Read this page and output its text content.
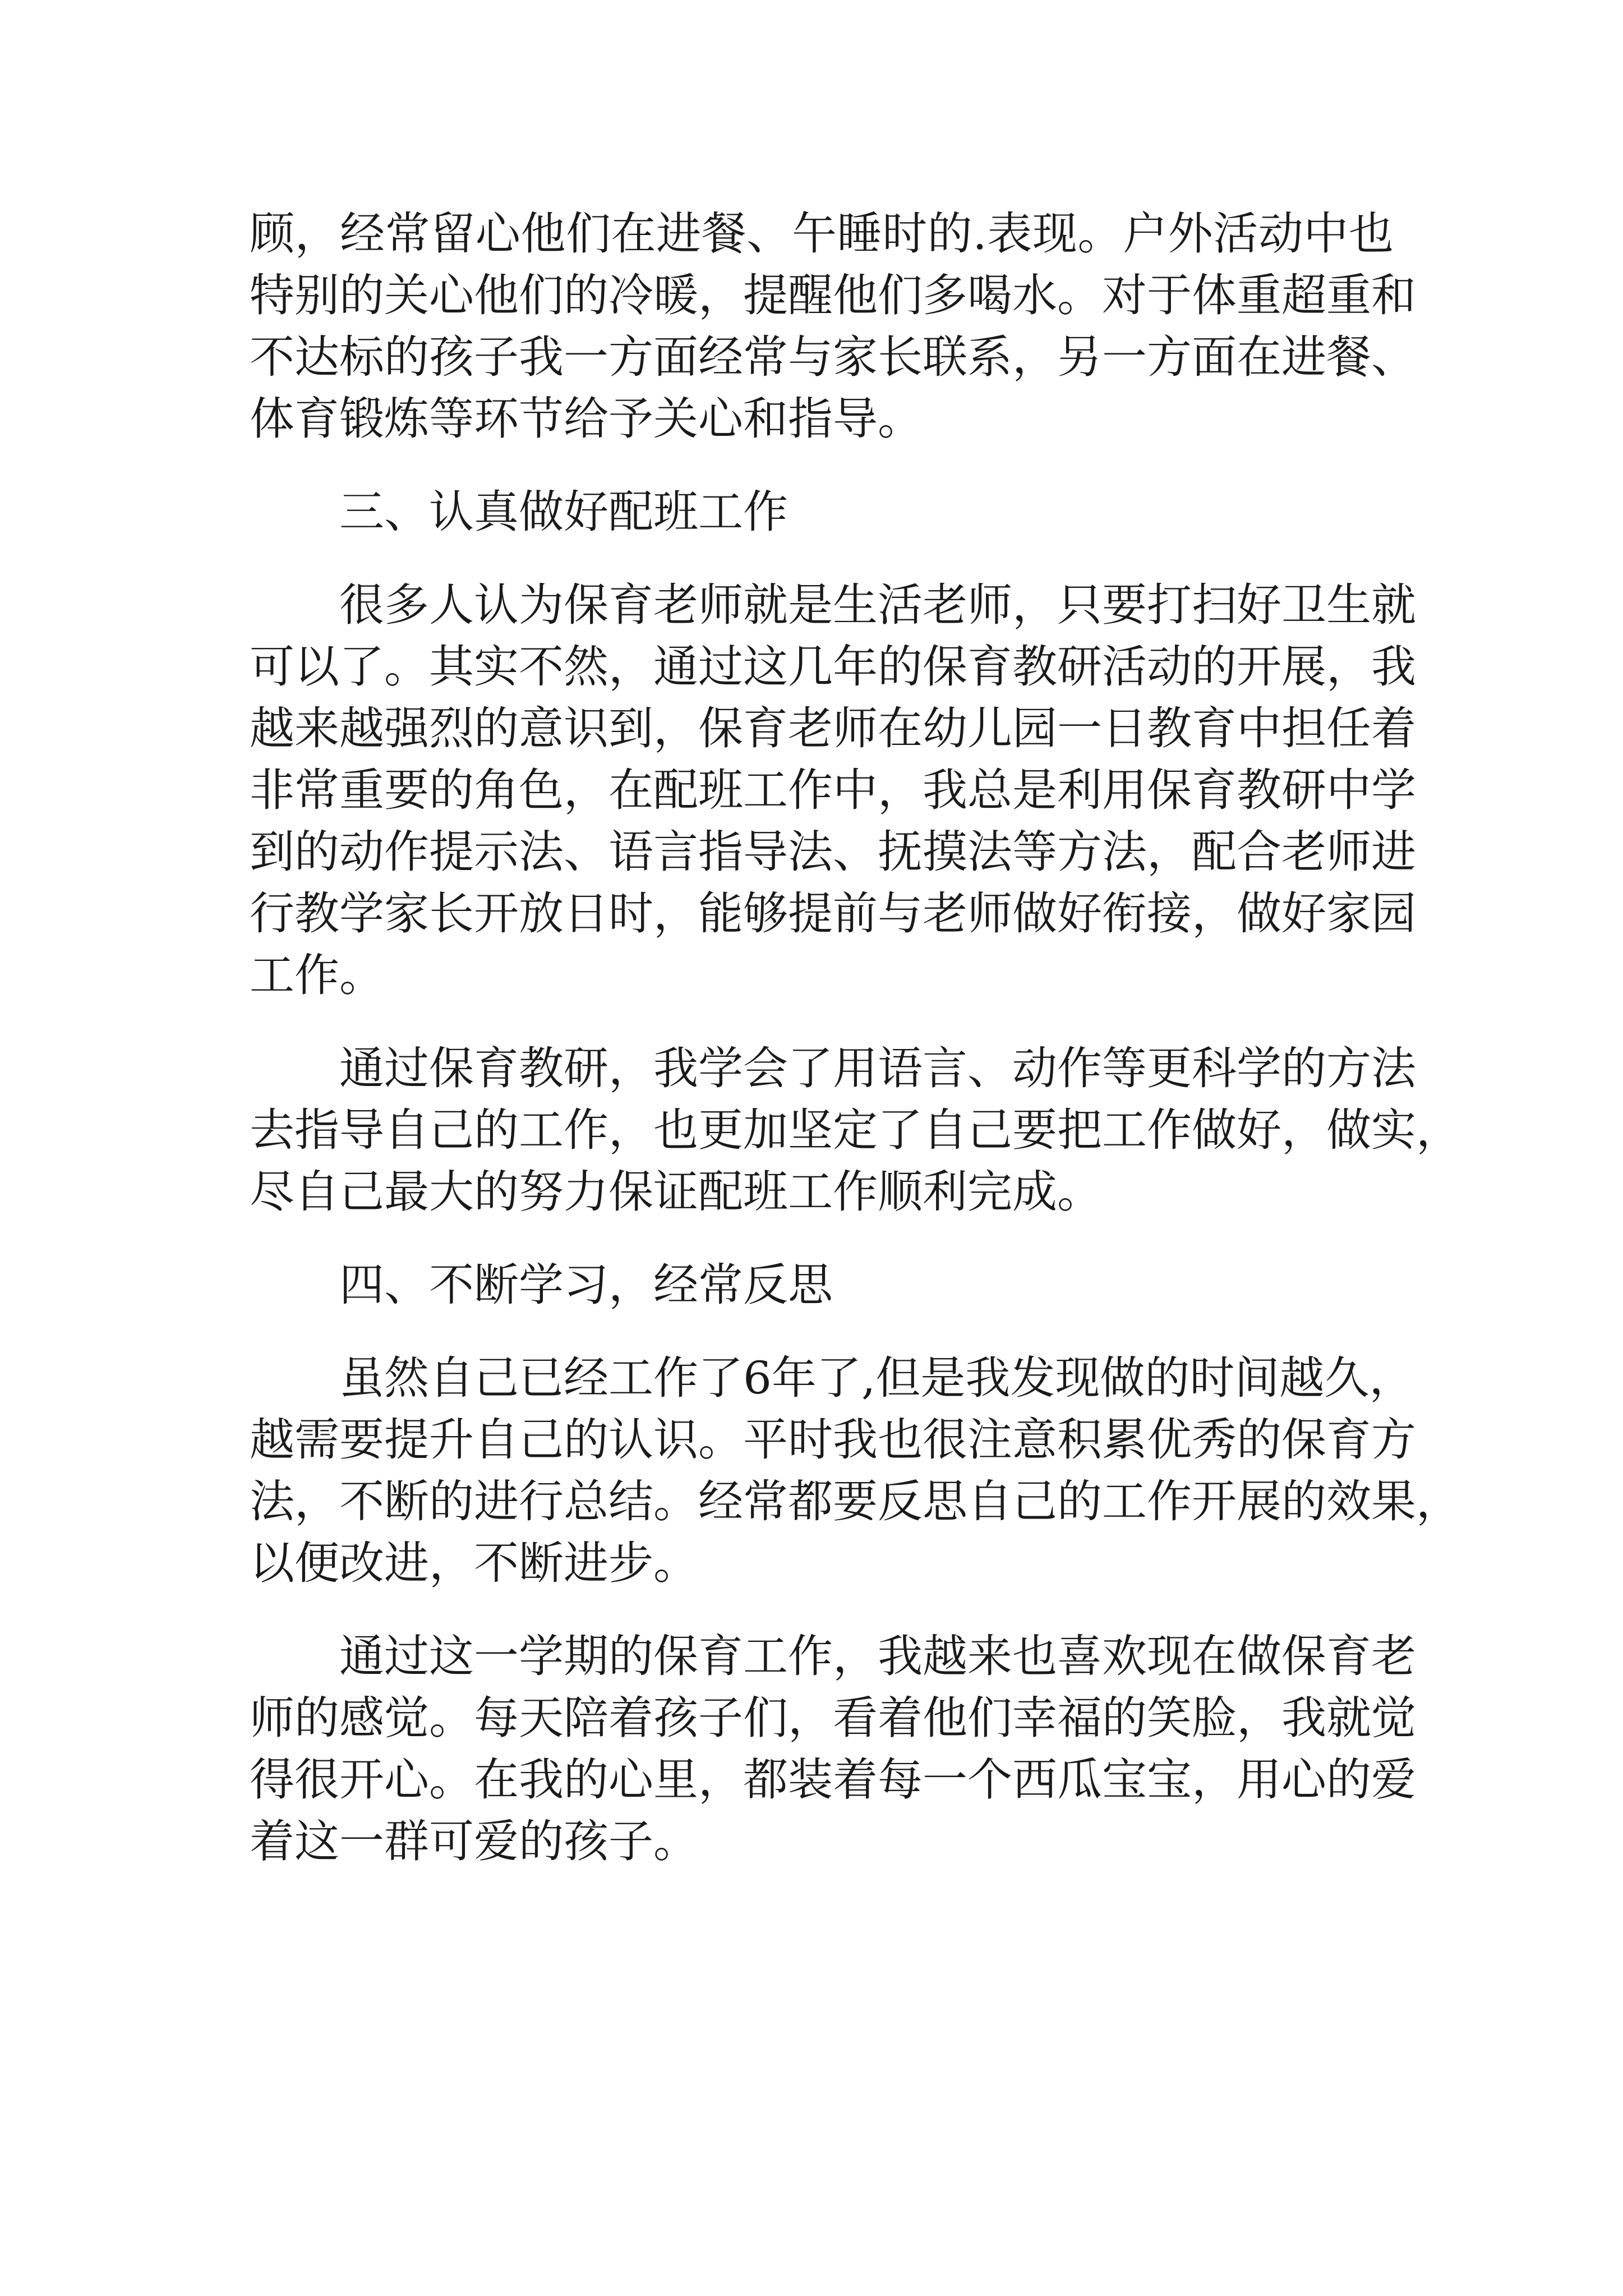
顾，经常留心他们在进餐、午睡时的.表现。户外活动中也
特别的关心他们的冷暖，提醒他们多喝水。对于体重超重和
不达标的孩子我一方面经常与家长联系，另一方面在进餐、
体育锻炼等环节给予关心和指导。
三、认真做好配班工作
很多人认为保育老师就是生活老师，只要打扫好卫生就
可以了。其实不然，通过这几年的保育教研活动的开展，我
越来越强烈的意识到，保育老师在幼儿园一日教育中担任着
非常重要的角色，在配班工作中，我总是利用保育教研中学
到的动作提示法、语言指导法、抚摸法等方法，配合老师进
行教学家长开放日时，能够提前与老师做好衔接，做好家园
工作。
通过保育教研，我学会了用语言、动作等更科学的方法
去指导自己的工作，也更加坚定了自己要把工作做好，做实，
尽自己最大的努力保证配班工作顺利完成。
四、不断学习，经常反思
虽然自己已经工作了6年了,但是我发现做的时间越久，
越需要提升自己的认识。平时我也很注意积累优秀的保育方
法，不断的进行总结。经常都要反思自己的工作开展的效果，
以便改进，不断进步。
通过这一学期的保育工作，我越来也喜欢现在做保育老
师的感觉。每天陪着孩子们，看着他们幸福的笑脸，我就觉
得很开心。在我的心里，都装着每一个西瓜宝宝，用心的爱
着这一群可爱的孩子。
